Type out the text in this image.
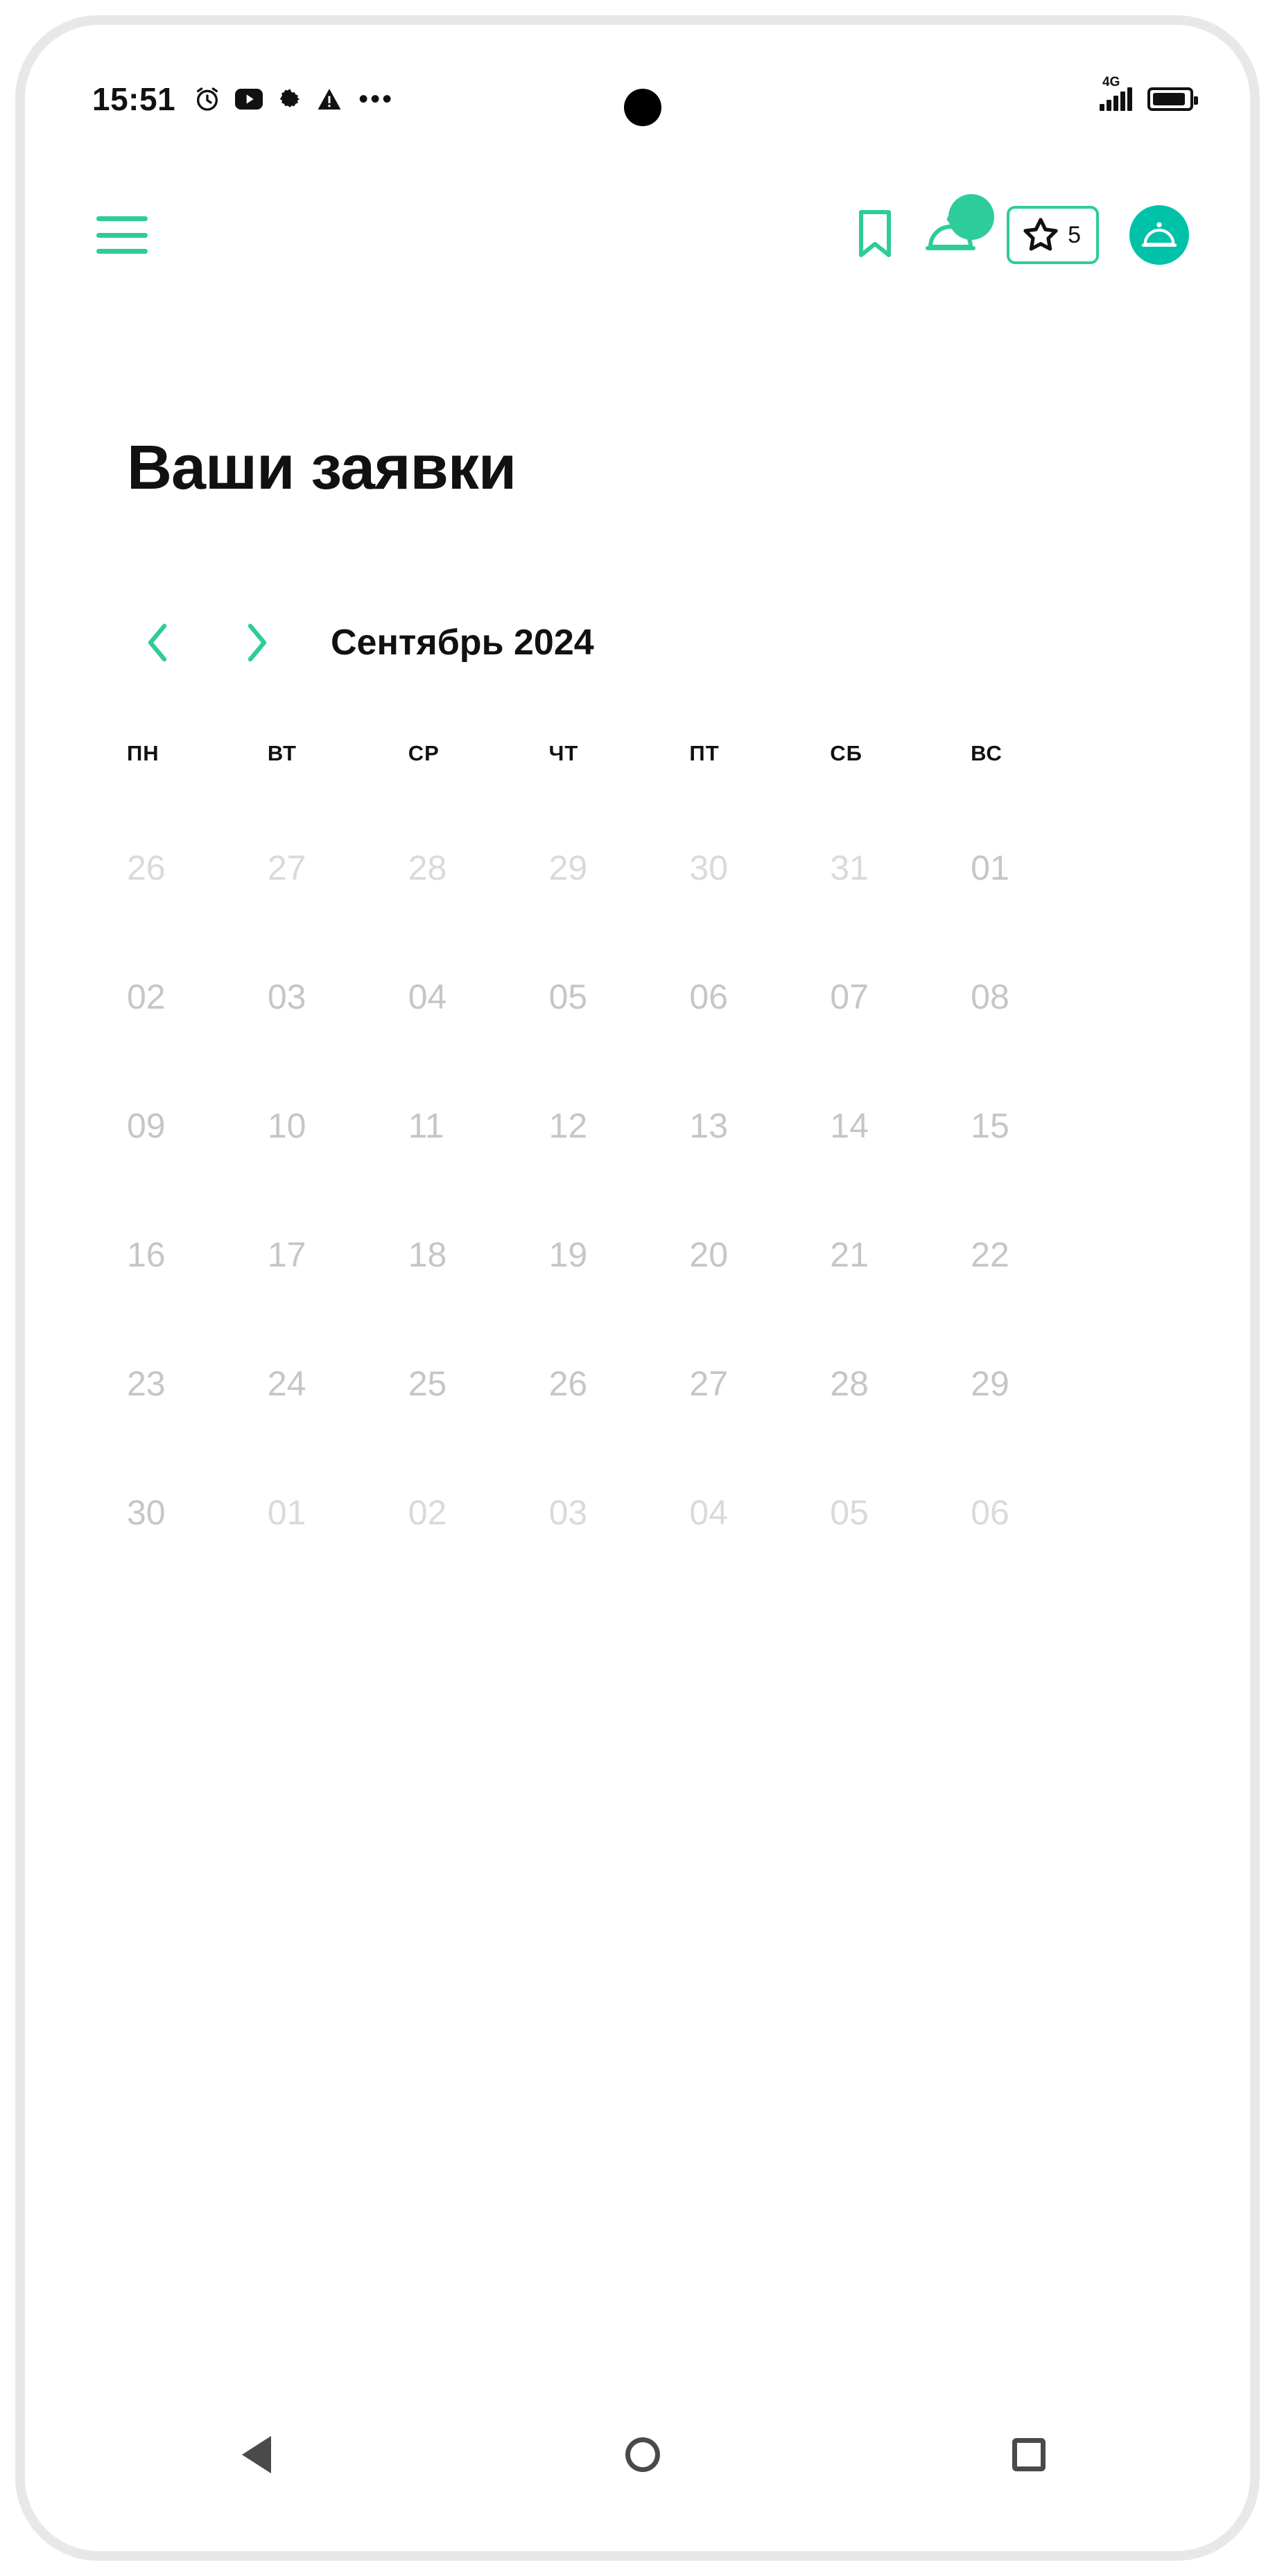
15:51	•••
4G
5
Ваши заявки
Сентябрь 2024
ПН	ВТ	СР	ЧТ	ПТ	СБ	ВС
26	27	28	29	30	31	01
02	03	04	05	06	07	08
09	10	11	12	13	14	15
16	17	18	19	20	21	22
23	24	25	26	27	28	29
30	01	02	03	04	05	06
